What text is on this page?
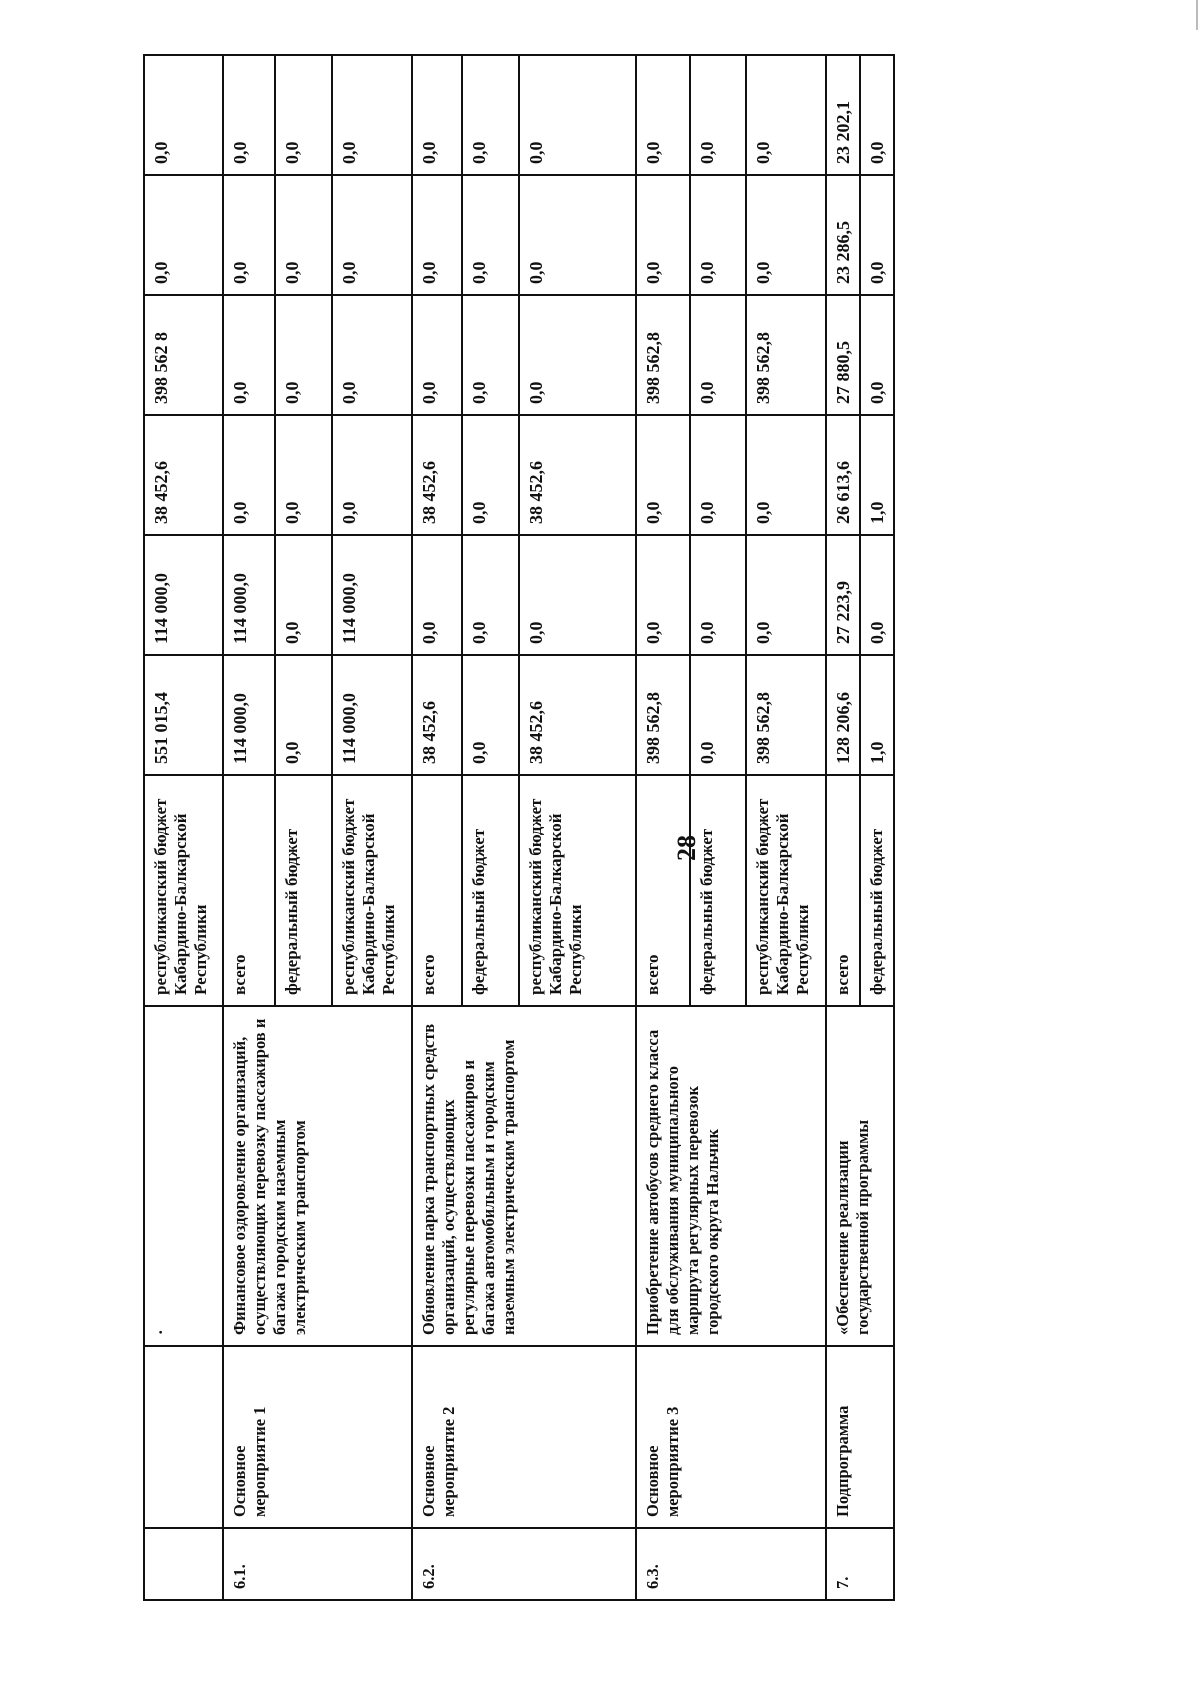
28
		·	республиканский бюджет Кабардино-Балкарской Республики	551 015,4	114 000,0	38 452,6	398 562 8	0,0	0,0
6.1.	Основное мероприятие 1	Финансовое оздоровление организаций, осуществляющих перевозку пассажиров и багажа городским наземным электрическим транспортом	всего	114 000,0	114 000,0	0,0	0,0	0,0	0,0
			федеральный бюджет	0,0	0,0	0,0	0,0	0,0	0,0
			республиканский бюджет Кабардино-Балкарской Республики	114 000,0	114 000,0	0,0	0,0	0,0	0,0
6.2.	Основное мероприятие 2	Обновление парка транспортных средств организаций, осуществляющих регулярные перевозки пассажиров и багажа автомобильным и городским наземным электрическим транспортом	всего	38 452,6	0,0	38 452,6	0,0	0,0	0,0
			федеральный бюджет	0,0	0,0	0,0	0,0	0,0	0,0
			республиканский бюджет Кабардино-Балкарской Республики	38 452,6	0,0	38 452,6	0,0	0,0	0,0
6.3.	Основное мероприятие 3	Приобретение автобусов среднего класса для обслуживания муниципального маршрута регулярных перевозок городского округа Нальчик	всего	398 562,8	0,0	0,0	398 562,8	0,0	0,0
			федеральный бюджет	0,0	0,0	0,0	0,0	0,0	0,0
			республиканский бюджет Кабардино-Балкарской Республики	398 562,8	0,0	0,0	398 562,8	0,0	0,0
7.	Подпрограмма	«Обеспечение реализации государственной программы	всего	128 206,6	27 223,9	26 613,6	27 880,5	23 286,5	23 202,1
			федеральный бюджет	1,0	0,0	1,0	0,0	0,0	0,0
